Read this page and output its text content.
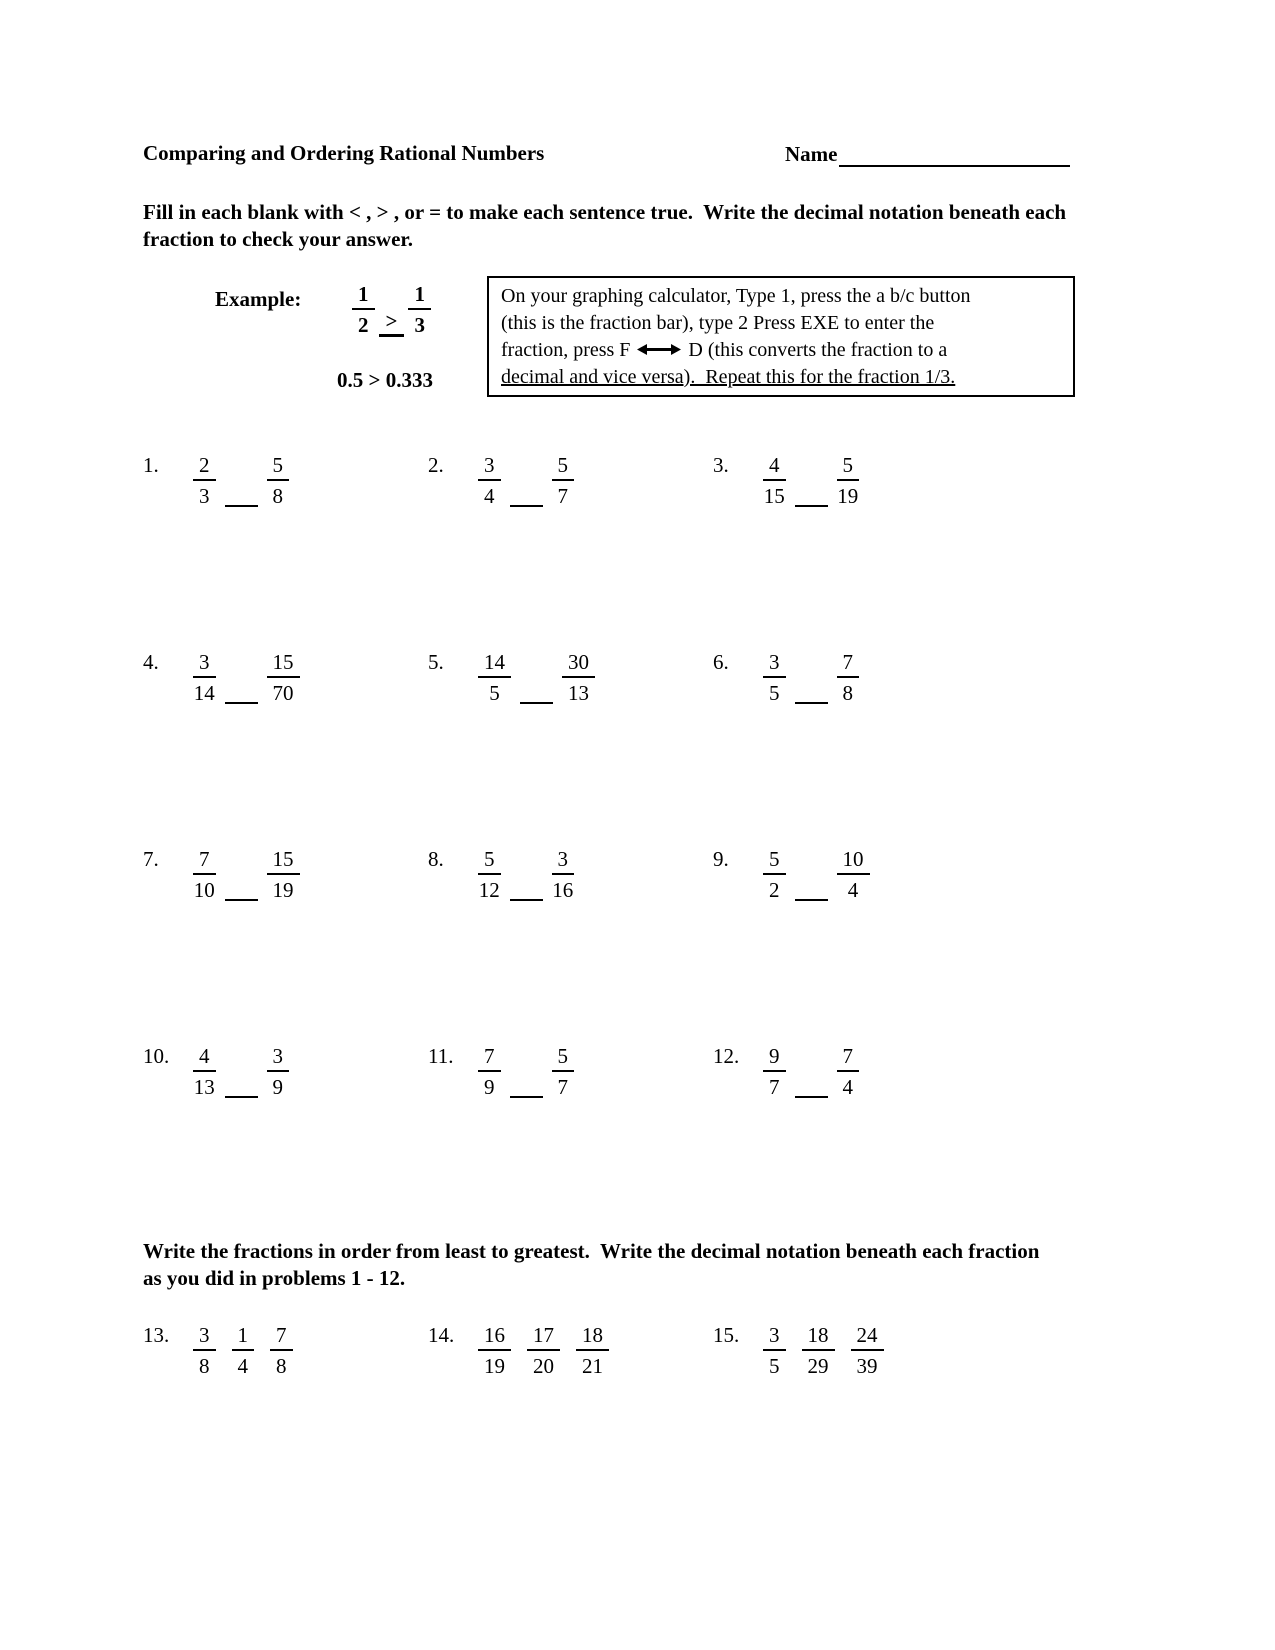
Comparing and Ordering Rational Numbers	Name
Fill in each blank with < , > , or = to make each sentence true.  Write the decimal notation beneath each fraction to check your answer.
Example: $\frac{1}{2} > \frac{1}{3}$
0.5 > 0.333
On your graphing calculator, Type 1, press the a b/c button
(this is the fraction bar), type 2 Press EXE to enter the
fraction, press F	D (this converts the fraction to a
decimal and vice versa).  Repeat this for the fraction 1/3.
1.	$\frac{2}{3} \frac{5}{8}$	2.	$\frac{3}{4} \frac{5}{7}$	3.	$\frac{4}{15} \frac{5}{19}$
4.	$\frac{3}{14} \frac{15}{70}$	5.	$\frac{14}{5} \frac{30}{13}$	6.	$\frac{3}{5} \frac{7}{8}$
7.	$\frac{7}{10} \frac{15}{19}$	8.	$\frac{5}{12} \frac{3}{16}$	9.	$\frac{5}{2} \frac{10}{4}$
10.	$\frac{4}{13} \frac{3}{9}$	11.	$\frac{7}{9} \frac{5}{7}$	12.	$\frac{9}{7} \frac{7}{4}$
Write the fractions in order from least to greatest.  Write the decimal notation beneath each fraction as you did in problems 1 - 12.
13.	$\frac{3}{8} \frac{1}{4} \frac{7}{8}$	14.	$\frac{16}{19} \frac{17}{20} \frac{18}{21}$	15.	$\frac{3}{5} \frac{18}{29} \frac{24}{39}$
